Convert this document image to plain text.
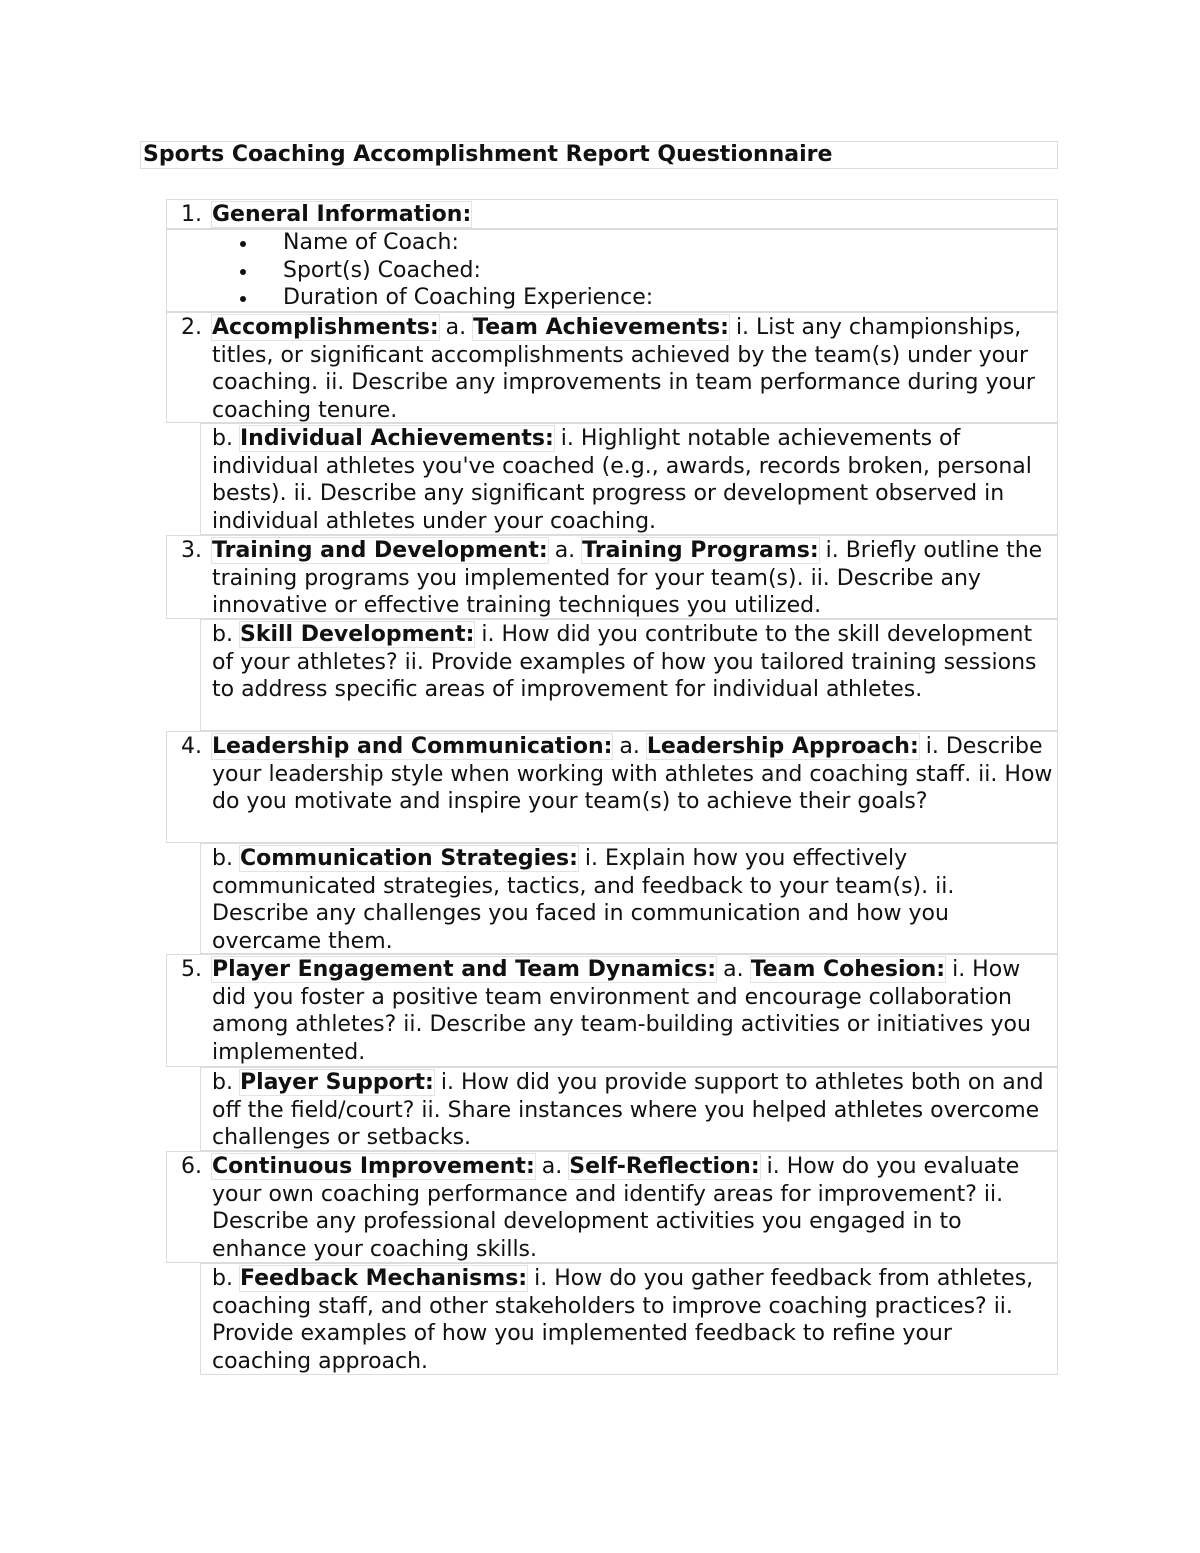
Sports Coaching Accomplishment Report Questionnaire
1. General Information:
Name of Coach:
Sport(s) Coached:
Duration of Coaching Experience:
2. Accomplishments: a. Team Achievements: i. List any championships, titles, or significant accomplishments achieved by the team(s) under your coaching. ii. Describe any improvements in team performance during your coaching tenure.
b. Individual Achievements: i. Highlight notable achievements of individual athletes you've coached (e.g., awards, records broken, personal bests). ii. Describe any significant progress or development observed in individual athletes under your coaching.
3. Training and Development: a. Training Programs: i. Briefly outline the training programs you implemented for your team(s). ii. Describe any innovative or effective training techniques you utilized.
b. Skill Development: i. How did you contribute to the skill development of your athletes? ii. Provide examples of how you tailored training sessions to address specific areas of improvement for individual athletes.
4. Leadership and Communication: a. Leadership Approach: i. Describe your leadership style when working with athletes and coaching staff. ii. How do you motivate and inspire your team(s) to achieve their goals?
b. Communication Strategies: i. Explain how you effectively communicated strategies, tactics, and feedback to your team(s). ii. Describe any challenges you faced in communication and how you overcame them.
5. Player Engagement and Team Dynamics: a. Team Cohesion: i. How did you foster a positive team environment and encourage collaboration among athletes? ii. Describe any team-building activities or initiatives you implemented.
b. Player Support: i. How did you provide support to athletes both on and off the field/court? ii. Share instances where you helped athletes overcome challenges or setbacks.
6. Continuous Improvement: a. Self-Reflection: i. How do you evaluate your own coaching performance and identify areas for improvement? ii. Describe any professional development activities you engaged in to enhance your coaching skills.
b. Feedback Mechanisms: i. How do you gather feedback from athletes, coaching staff, and other stakeholders to improve coaching practices? ii. Provide examples of how you implemented feedback to refine your coaching approach.
